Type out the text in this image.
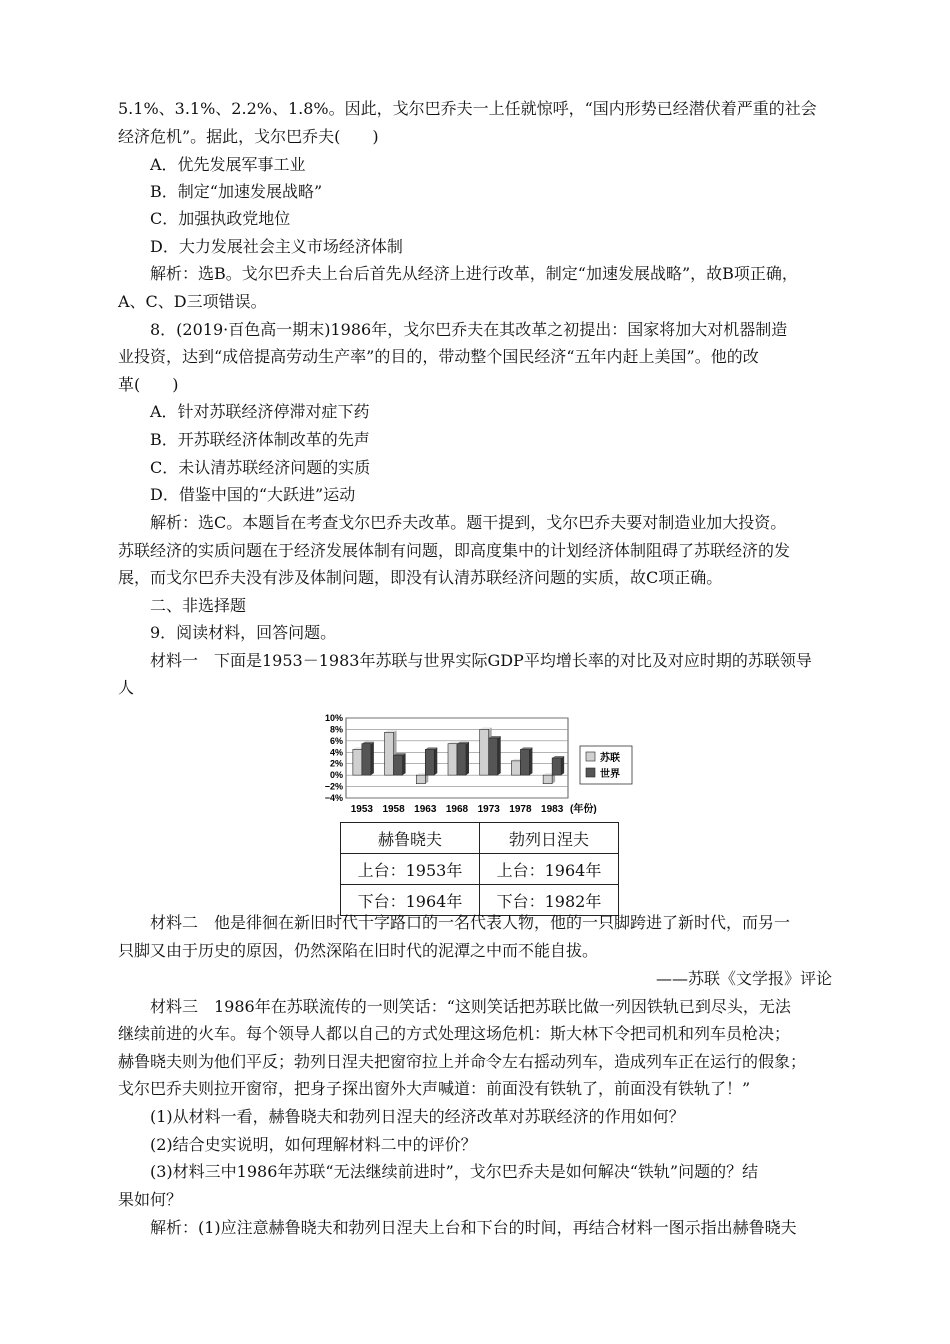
5.1%、3.1%、2.2%、1.8%。因此，戈尔巴乔夫一上任就惊呼，“国内形势已经潜伏着严重的社会
经济危机”。据此，戈尔巴乔夫(　　)
A．优先发展军事工业
B．制定“加速发展战略”
C．加强执政党地位
D．大力发展社会主义市场经济体制
解析：选B。戈尔巴乔夫上台后首先从经济上进行改革，制定“加速发展战略”，故B项正确，
A、C、D三项错误。
8．(2019·百色高一期末)1986年，戈尔巴乔夫在其改革之初提出：国家将加大对机器制造
业投资，达到“成倍提高劳动生产率”的目的，带动整个国民经济“五年内赶上美国”。他的改
革(　　)
A．针对苏联经济停滞对症下药
B．开苏联经济体制改革的先声
C．未认清苏联经济问题的实质
D．借鉴中国的“大跃进”运动
解析：选C。本题旨在考查戈尔巴乔夫改革。题干提到，戈尔巴乔夫要对制造业加大投资。
苏联经济的实质问题在于经济发展体制有问题，即高度集中的计划经济体制阻碍了苏联经济的发
展，而戈尔巴乔夫没有涉及体制问题，即没有认清苏联经济问题的实质，故C项正确。
二、非选择题
9．阅读材料，回答问题。
材料一　下面是1953－1983年苏联与世界实际GDP平均增长率的对比及对应时期的苏联领导
人
10%
8%
6%
4%
2%
0%
−2%
−4%
1953 1958 1963 1968 1973 1978 1983 (年份)
苏联
世界
赫鲁晓夫	勃列日涅夫
上台：1953年	上台：1964年
下台：1964年	下台：1982年
材料二　他是徘徊在新旧时代十字路口的一名代表人物，他的一只脚跨进了新时代，而另一
只脚又由于历史的原因，仍然深陷在旧时代的泥潭之中而不能自拔。
——苏联《文学报》评论
材料三　1986年在苏联流传的一则笑话：“这则笑话把苏联比做一列因铁轨已到尽头，无法
继续前进的火车。每个领导人都以自己的方式处理这场危机：斯大林下令把司机和列车员枪决；
赫鲁晓夫则为他们平反；勃列日涅夫把窗帘拉上并命令左右摇动列车，造成列车正在运行的假象；
戈尔巴乔夫则拉开窗帘，把身子探出窗外大声喊道：前面没有铁轨了，前面没有铁轨了！”
(1)从材料一看，赫鲁晓夫和勃列日涅夫的经济改革对苏联经济的作用如何？
(2)结合史实说明，如何理解材料二中的评价？
(3)材料三中1986年苏联“无法继续前进时”，戈尔巴乔夫是如何解决“铁轨”问题的？结
果如何？
解析：(1)应注意赫鲁晓夫和勃列日涅夫上台和下台的时间，再结合材料一图示指出赫鲁晓夫
